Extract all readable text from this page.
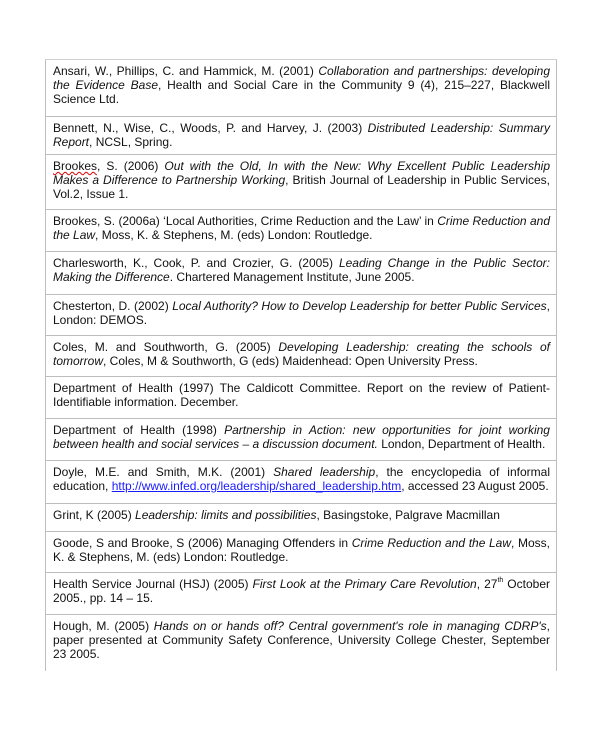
Ansari, W., Phillips, C. and Hammick, M. (2001) Collaboration and partnerships: developing the Evidence Base, Health and Social Care in the Community 9 (4), 215–227, Blackwell Science Ltd.
Bennett, N., Wise, C., Woods, P. and Harvey, J. (2003) Distributed Leadership: Summary Report, NCSL, Spring.
Brookes, S. (2006) Out with the Old, In with the New: Why Excellent Public Leadership Makes a Difference to Partnership Working, British Journal of Leadership in Public Services, Vol.2, Issue 1.
Brookes, S. (2006a) ‘Local Authorities, Crime Reduction and the Law’ in Crime Reduction and the Law, Moss, K. & Stephens, M. (eds) London: Routledge.
Charlesworth, K., Cook, P. and Crozier, G. (2005) Leading Change in the Public Sector: Making the Difference. Chartered Management Institute, June 2005.
Chesterton, D. (2002) Local Authority? How to Develop Leadership for better Public Services, London: DEMOS.
Coles, M. and Southworth, G. (2005) Developing Leadership: creating the schools of tomorrow, Coles, M & Southworth, G (eds) Maidenhead: Open University Press.
Department of Health (1997) The Caldicott Committee. Report on the review of Patient-Identifiable information. December.
Department of Health (1998) Partnership in Action: new opportunities for joint working between health and social services – a discussion document. London, Department of Health.
Doyle, M.E. and Smith, M.K. (2001) Shared leadership, the encyclopedia of informal education, http://www.infed.org/leadership/shared_leadership.htm, accessed 23 August 2005.
Grint, K (2005) Leadership: limits and possibilities, Basingstoke, Palgrave Macmillan
Goode, S and Brooke, S (2006) Managing Offenders in Crime Reduction and the Law, Moss, K. & Stephens, M. (eds) London: Routledge.
Health Service Journal (HSJ) (2005) First Look at the Primary Care Revolution, 27th October 2005., pp. 14 – 15.
Hough, M. (2005) Hands on or hands off? Central government's role in managing CDRP's, paper presented at Community Safety Conference, University College Chester, September 23 2005.
